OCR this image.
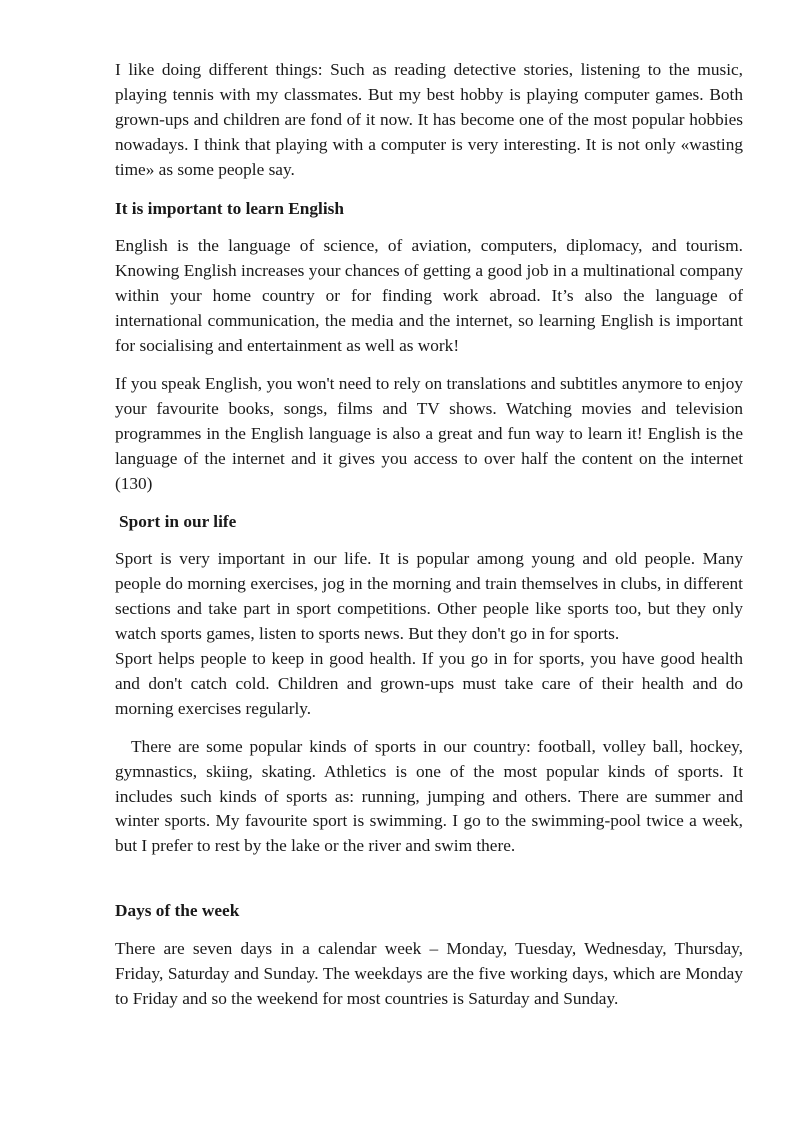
I like doing different things: Such as reading detective stories, listening to the music, playing tennis with my classmates. But my best hobby is playing computer games. Both grown-ups and children are fond of it now. It has become one of the most popular hobbies nowadays. I think that playing with a computer is very interesting. It is not only «wasting time» as some people say.

It is important to learn English

English is the language of science, of aviation, computers, diplomacy, and tourism. Knowing English increases your chances of getting a good job in a multinational company within your home country or for finding work abroad. It’s also the language of international communication, the media and the internet, so learning English is important for socialising and entertainment as well as work!

If you speak English, you won't need to rely on translations and subtitles anymore to enjoy your favourite books, songs, films and TV shows. Watching movies and television programmes in the English language is also a great and fun way to learn it! English is the language of the internet and it gives you access to over half the content on the internet (130)

Sport in our life

Sport is very important in our life. It is popular among young and old people. Many people do morning exercises, jog in the morning and train themselves in clubs, in different sections and take part in sport competitions. Other people like sports too, but they only watch sports games, listen to sports news. But they don't go in for sports.

Sport helps people to keep in good health. If you go in for sports, you have good health and don't catch cold. Children and grown-ups must take care of their health and do morning exercises regularly.

There are some popular kinds of sports in our country: football, volley ball, hockey, gymnastics, skiing, skating. Athletics is one of the most popular kinds of sports. It includes such kinds of sports as: running, jumping and others. There are summer and winter sports. My favourite sport is swimming. I go to the swimming-pool twice a week, but I prefer to rest by the lake or the river and swim there.

Days of the week

There are seven days in a calendar week – Monday, Tuesday, Wednesday, Thursday, Friday, Saturday and Sunday. The weekdays are the five working days, which are Monday to Friday and so the weekend for most countries is Saturday and Sunday.
